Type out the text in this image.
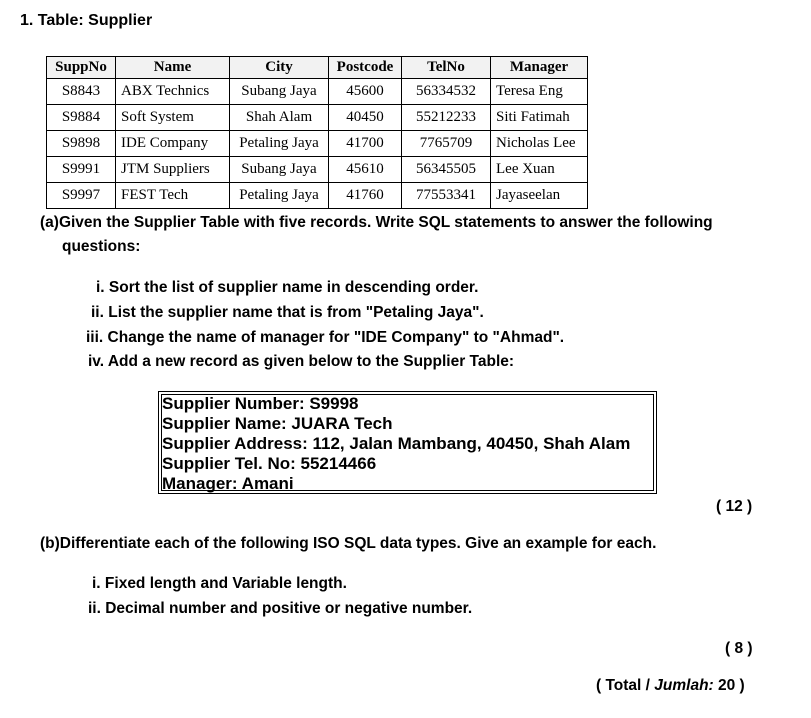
1. Table: Supplier
SuppNo	Name	City	Postcode	TelNo	Manager
S8843	ABX Technics	Subang Jaya	45600	56334532	Teresa Eng
S9884	Soft System	Shah Alam	40450	55212233	Siti Fatimah
S9898	IDE Company	Petaling Jaya	41700	7765709	Nicholas Lee
S9991	JTM Suppliers	Subang Jaya	45610	56345505	Lee Xuan
S9997	FEST Tech	Petaling Jaya	41760	77553341	Jayaseelan
(a)Given the Supplier Table with five records. Write SQL statements to answer the following
questions:
i. Sort the list of supplier name in descending order.
ii. List the supplier name that is from "Petaling Jaya".
iii. Change the name of manager for "IDE Company" to "Ahmad".
iv. Add a new record as given below to the Supplier Table:
Supplier Number: S9998
Supplier Name: JUARA Tech
Supplier Address: 112, Jalan Mambang, 40450, Shah Alam
Supplier Tel. No: 55214466
Manager: Amani
( 12 )
(b)Differentiate each of the following ISO SQL data types. Give an example for each.
i. Fixed length and Variable length.
ii. Decimal number and positive or negative number.
( 8 )
( Total / Jumlah: 20 )
